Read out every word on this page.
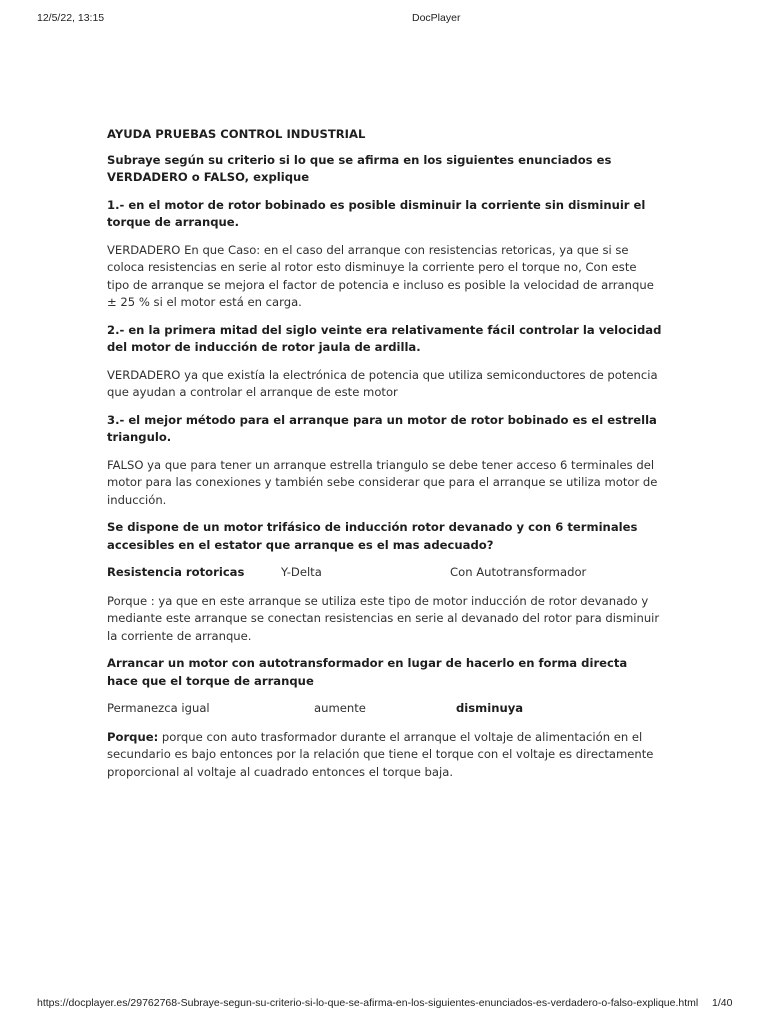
12/5/22, 13:15	DocPlayer

AYUDA PRUEBAS CONTROL INDUSTRIAL

Subraye según su criterio si lo que se afirma en los siguientes enunciados es VERDADERO o FALSO, explique

1.- en el motor de rotor bobinado es posible disminuir la corriente sin disminuir el torque de arranque.

VERDADERO En que Caso: en el caso del arranque con resistencias retoricas, ya que si se coloca resistencias en serie al rotor esto disminuye la corriente pero el torque no, Con este tipo de arranque se mejora el factor de potencia e incluso es posible la velocidad de arranque ± 25 % si el motor está en carga.

2.- en la primera mitad del siglo veinte era relativamente fácil controlar la velocidad del motor de inducción de rotor jaula de ardilla.

VERDADERO ya que existía la electrónica de potencia que utiliza semiconductores de potencia que ayudan a controlar el arranque de este motor

3.- el mejor método para el arranque para un motor de rotor bobinado es el estrella triangulo.

FALSO ya que para tener un arranque estrella triangulo se debe tener acceso 6 terminales del motor para las conexiones y también sebe considerar que para el arranque se utiliza motor de inducción.

Se dispone de un motor trifásico de inducción rotor devanado y con 6 terminales accesibles en el estator que arranque es el mas adecuado?

Resistencia rotoricas	Y-Delta	Con Autotransformador

Porque : ya que en este arranque se utiliza este tipo de motor inducción de rotor devanado y mediante este arranque se conectan resistencias en serie al devanado del rotor para disminuir la corriente de arranque.

Arrancar un motor con autotransformador en lugar de hacerlo en forma directa hace que el torque de arranque

Permanezca igual	aumente	disminuya

Porque: porque con auto trasformador durante el arranque el voltaje de alimentación en el secundario es bajo entonces por la relación que tiene el torque con el voltaje es directamente proporcional al voltaje al cuadrado entonces el torque baja.

https://docplayer.es/29762768-Subraye-segun-su-criterio-si-lo-que-se-afirma-en-los-siguientes-enunciados-es-verdadero-o-falso-explique.html 1/40
